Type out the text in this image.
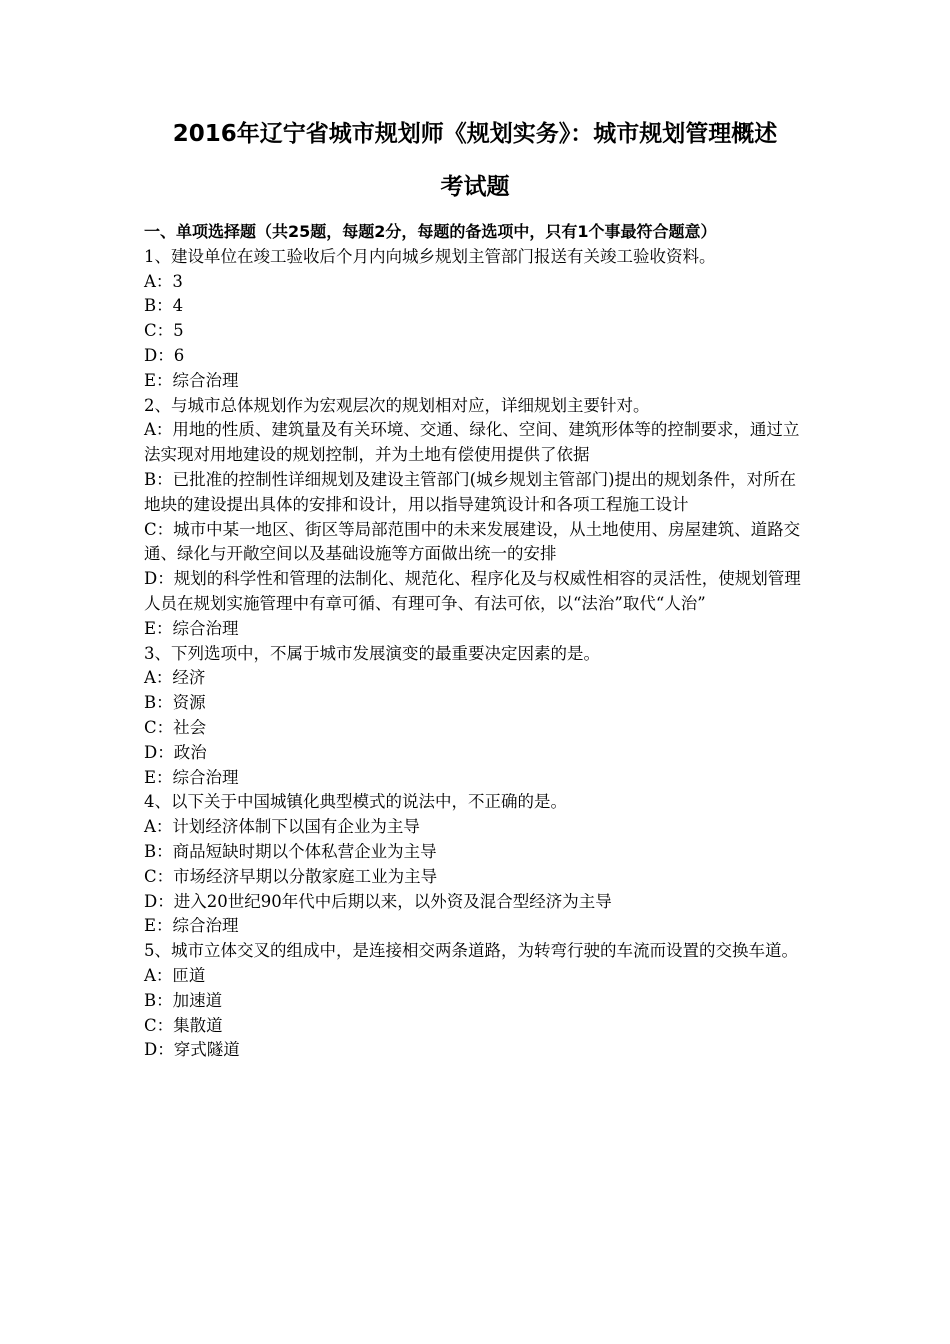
2016年辽宁省城市规划师《规划实务》：城市规划管理概述
考试题
一、单项选择题（共25题，每题2分，每题的备选项中，只有1个事最符合题意）

1、建设单位在竣工验收后个月内向城乡规划主管部门报送有关竣工验收资料。

A：3

B：4

C：5

D：6

E：综合治理

2、与城市总体规划作为宏观层次的规划相对应，详细规划主要针对。

A：用地的性质、建筑量及有关环境、交通、绿化、空间、建筑形体等的控制要求，通过立法实现对用地建设的规划控制，并为土地有偿使用提供了依据

B：已批准的控制性详细规划及建设主管部门(城乡规划主管部门)提出的规划条件，对所在地块的建设提出具体的安排和设计，用以指导建筑设计和各项工程施工设计

C：城市中某一地区、街区等局部范围中的未来发展建设，从土地使用、房屋建筑、道路交通、绿化与开敞空间以及基础设施等方面做出统一的安排

D：规划的科学性和管理的法制化、规范化、程序化及与权威性相容的灵活性，使规划管理人员在规划实施管理中有章可循、有理可争、有法可依，以“法治”取代“人治”

E：综合治理

3、下列选项中，不属于城市发展演变的最重要决定因素的是。

A：经济

B：资源

C：社会

D：政治

E：综合治理

4、以下关于中国城镇化典型模式的说法中，不正确的是。

A：计划经济体制下以国有企业为主导

B：商品短缺时期以个体私营企业为主导

C：市场经济早期以分散家庭工业为主导

D：进入20世纪90年代中后期以来，以外资及混合型经济为主导

E：综合治理

5、城市立体交叉的组成中，是连接相交两条道路，为转弯行驶的车流而设置的交换车道。

A：匝道

B：加速道

C：集散道

D：穿式隧道
